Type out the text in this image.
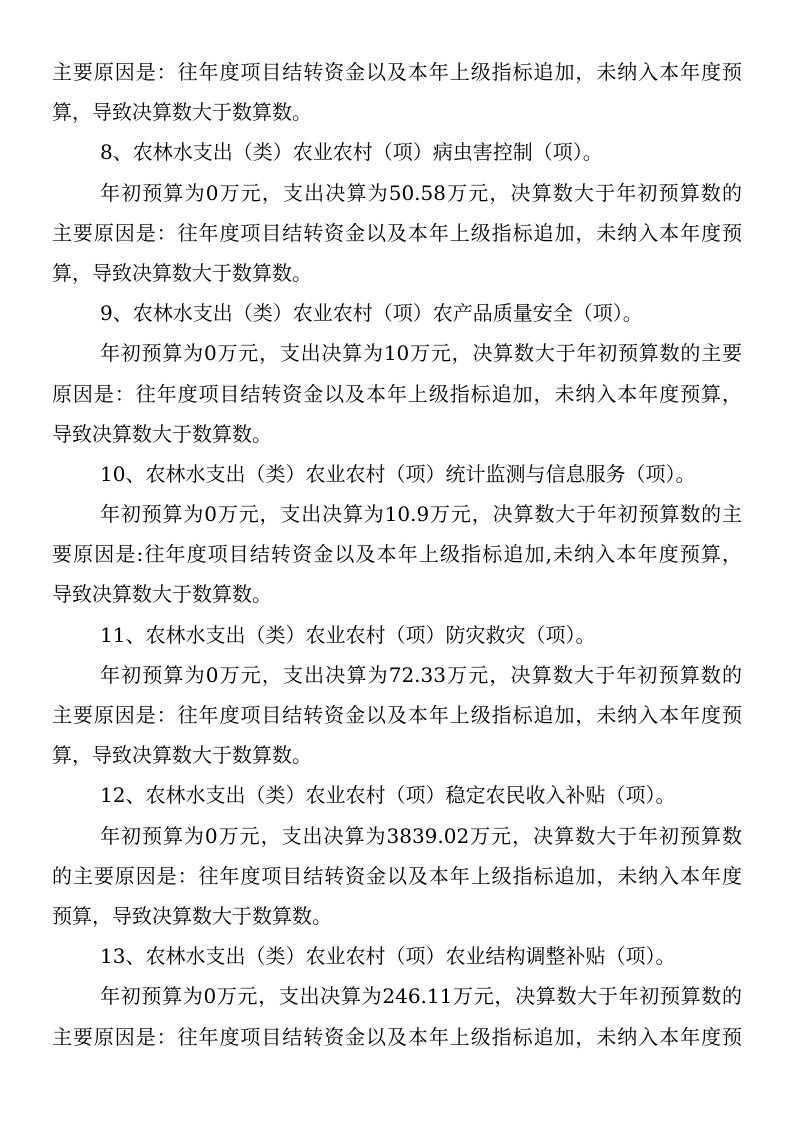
主要原因是：往年度项目结转资金以及本年上级指标追加，未纳入本年度预
算，导致决算数大于数算数。
8、农林水支出（类）农业农村（项）病虫害控制（项）。
年初预算为0万元，支出决算为50.58万元，决算数大于年初预算数的
主要原因是：往年度项目结转资金以及本年上级指标追加，未纳入本年度预
算，导致决算数大于数算数。
9、农林水支出（类）农业农村（项）农产品质量安全（项）。
年初预算为0万元，支出决算为10万元，决算数大于年初预算数的主要
原因是：往年度项目结转资金以及本年上级指标追加，未纳入本年度预算，
导致决算数大于数算数。
10、农林水支出（类）农业农村（项）统计监测与信息服务（项）。
年初预算为0万元，支出决算为10.9万元，决算数大于年初预算数的主
要原因是:往年度项目结转资金以及本年上级指标追加,未纳入本年度预算，
导致决算数大于数算数。
11、农林水支出（类）农业农村（项）防灾救灾（项）。
年初预算为0万元，支出决算为72.33万元，决算数大于年初预算数的
主要原因是：往年度项目结转资金以及本年上级指标追加，未纳入本年度预
算，导致决算数大于数算数。
12、农林水支出（类）农业农村（项）稳定农民收入补贴（项）。
年初预算为0万元，支出决算为3839.02万元，决算数大于年初预算数
的主要原因是：往年度项目结转资金以及本年上级指标追加，未纳入本年度
预算，导致决算数大于数算数。
13、农林水支出（类）农业农村（项）农业结构调整补贴（项）。
年初预算为0万元，支出决算为246.11万元，决算数大于年初预算数的
主要原因是：往年度项目结转资金以及本年上级指标追加，未纳入本年度预
